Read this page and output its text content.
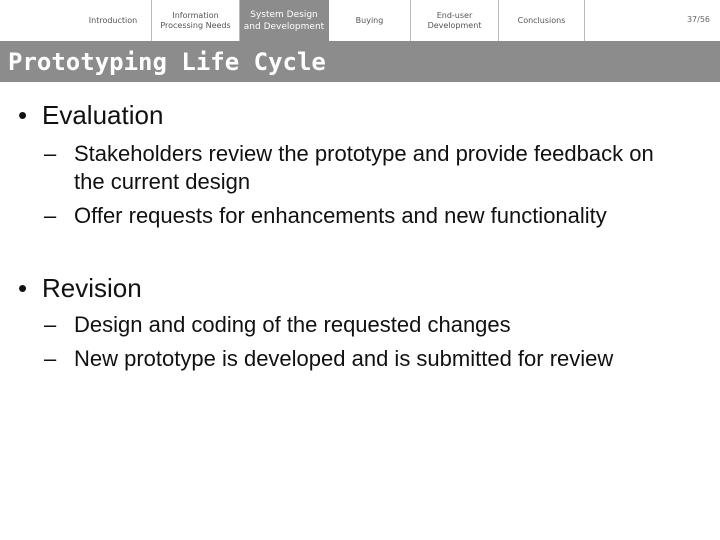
Introduction
Information
Processing Needs
System Design
and Development
Buying
End-user
Development
Conclusions	37/56
Prototyping Life Cycle
• Evaluation
– Stakeholders review the prototype and provide feedback on the current design
– Offer requests for enhancements and new functionality
• Revision
– Design and coding of the requested changes
– New prototype is developed and is submitted for review
